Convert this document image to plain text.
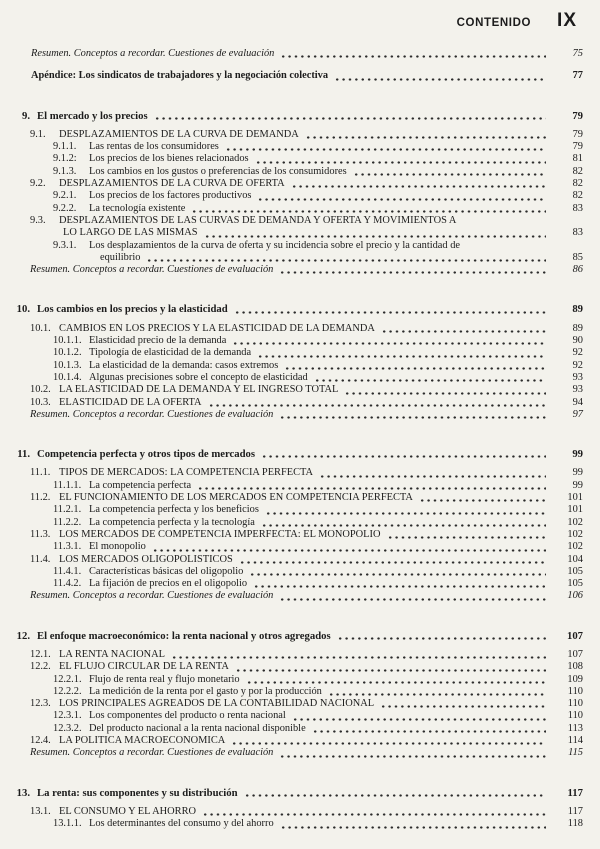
CONTENIDO IX
Resumen. Conceptos a recordar. Cuestiones de evaluación	75
Apéndice: Los sindicatos de trabajadores y la negociación colectiva	77
9. El mercado y los precios	79
9.1.	DESPLAZAMIENTOS DE LA CURVA DE DEMANDA	79
9.1.1.	Las rentas de los consumidores	79
9.1.2:	Los precios de los bienes relacionados	81
9.1.3.	Los cambios en los gustos o preferencias de los consumidores	82
9.2.	DESPLAZAMIENTOS DE LA CURVA DE OFERTA	82
9.2.1.	Los precios de los factores productivos	82
9.2.2.	La tecnología existente	83
9.3.	DESPLAZAMIENTOS DE LAS CURVAS DE DEMANDA Y OFERTA Y MOVIMIENTOS A
LO LARGO DE LAS MISMAS	83
9.3.1.	Los desplazamientos de la curva de oferta y su incidencia sobre el precio y la cantidad de
equilibrio	85
Resumen. Conceptos a recordar. Cuestiones de evaluación	86
10. Los cambios en los precios y la elasticidad	89
10.1. CAMBIOS EN LOS PRECIOS Y LA ELASTICIDAD DE LA DEMANDA	89
10.1.1. Elasticidad precio de la demanda	90
10.1.2. Tipología de elasticidad de la demanda	92
10.1.3. La elasticidad de la demanda: casos extremos	92
10.1.4. Algunas precisiones sobre el concepto de elasticidad	93
10.2. LA ELASTICIDAD DE LA DEMANDA Y EL INGRESO TOTAL	93
10.3. ELASTICIDAD DE LA OFERTA	94
Resumen. Conceptos a recordar. Cuestiones de evaluación	97
11. Competencia perfecta y otros tipos de mercados	99
11.1. TIPOS DE MERCADOS: LA COMPETENCIA PERFECTA	99
11.1.1. La competencia perfecta	99
11.2. EL FUNCIONAMIENTO DE LOS MERCADOS EN COMPETENCIA PERFECTA	101
11.2.1. La competencia perfecta y los beneficios	101
11.2.2. La competencia perfecta y la tecnología	102
11.3. LOS MERCADOS DE COMPETENCIA IMPERFECTA: EL MONOPOLIO	102
11.3.1. El monopolio	102
11.4. LOS MERCADOS OLIGOPOLISTICOS	104
11.4.1. Características básicas del oligopolio	105
11.4.2. La fijación de precios en el oligopolio	105
Resumen. Conceptos a recordar. Cuestiones de evaluación	106
12. El enfoque macroeconómico: la renta nacional y otros agregados	107
12.1. LA RENTA NACIONAL	107
12.2. EL FLUJO CIRCULAR DE LA RENTA	108
12.2.1. Flujo de renta real y flujo monetario	109
12.2.2. La medición de la renta por el gasto y por la producción	110
12.3. LOS PRINCIPALES AGREADOS DE LA CONTABILIDAD NACIONAL	110
12.3.1. Los componentes del producto o renta nacional	110
12.3.2. Del producto nacional a la renta nacional disponible	113
12.4. LA POLITICA MACROECONOMICA	114
Resumen. Conceptos a recordar. Cuestiones de evaluación	115
13. La renta: sus componentes y su distribución	117
13.1. EL CONSUMO Y EL AHORRO	117
13.1.1. Los determinantes del consumo y del ahorro	118
